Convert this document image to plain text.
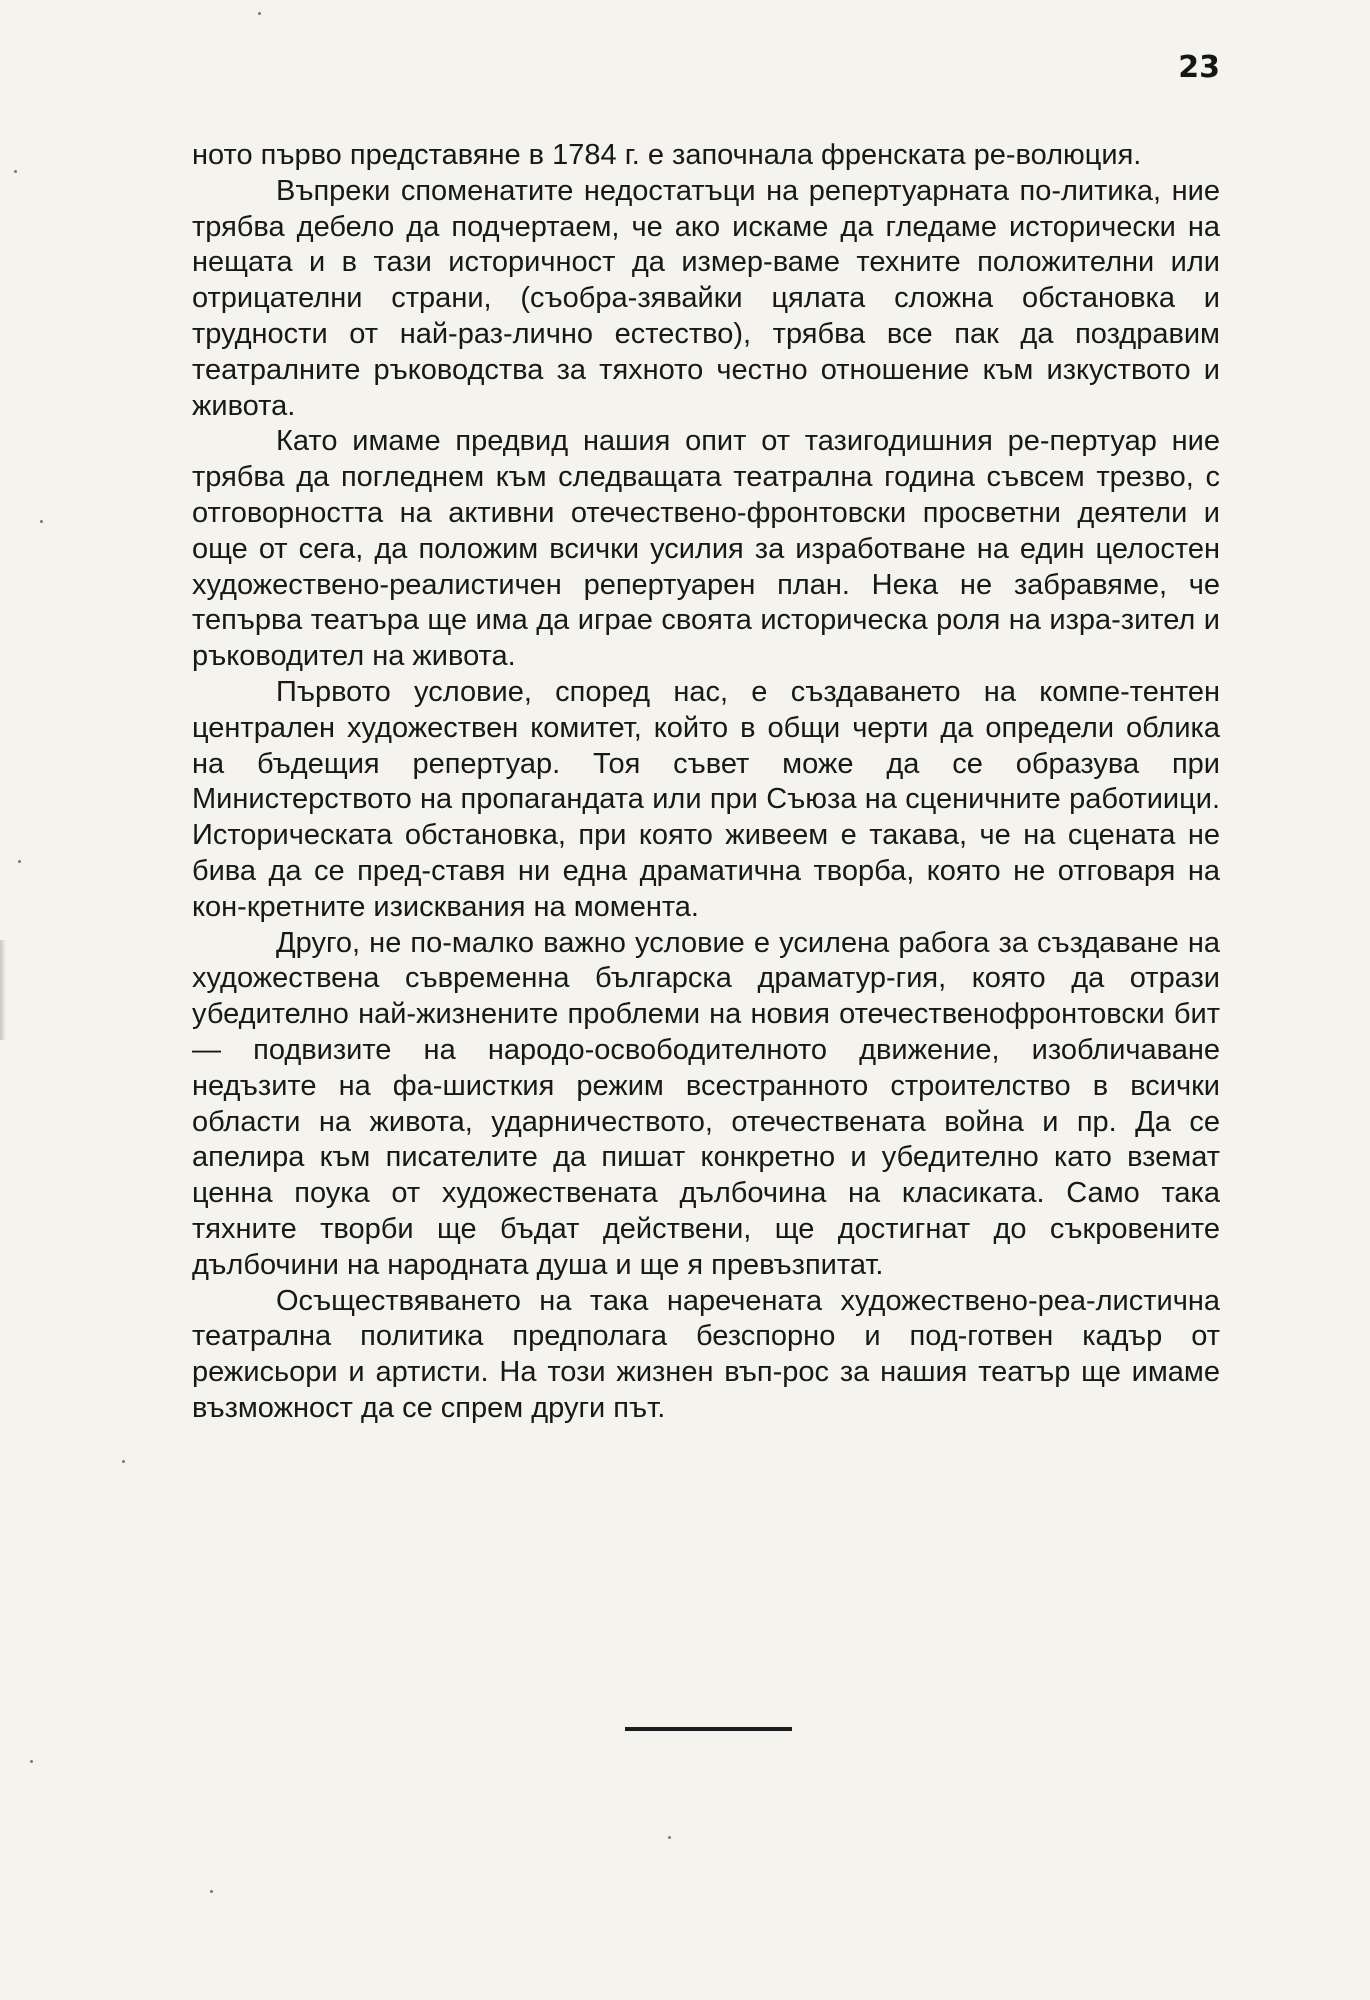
23

ното първо представяне в 1784 г. е започнала френската ре-волюция.

Въпреки споменатите недостатъци на репертуарната по-литика, ние трябва дебело да подчертаем, че ако искаме да гледаме исторически на нещата и в тази историчност да измер-ваме техните положителни или отрицателни страни, (съобра-зявайки цялата сложна обстановка и трудности от най-раз-лично естество), трябва все пак да поздравим театралните ръководства за тяхното честно отношение към изкуството и живота.

Като имаме предвид нашия опит от тазигодишния ре-пертуар ние трябва да погледнем към следващата театрална година съвсем трезво, с отговорността на активни отечествено-фронтовски просветни деятели и още от сега, да положим всички усилия за изработване на един целостен художествено-реалистичен репертуарен план. Нека не забравяме, че тепърва театъра ще има да играе своята историческа роля на изра-зител и ръководител на живота.

Първото условие, според нас, е създаването на компе-тентен централен художествен комитет, който в общи черти да определи облика на бъдещия репертуар. Тоя съвет може да се образува при Министерството на пропагандата или при Съюза на сценичните работиици. Историческата обстановка, при която живеем е такава, че на сцената не бива да се пред-ставя ни една драматична творба, която не отговаря на кон-кретните изисквания на момента.

Друго, не по-малко важно условие е усилена рабога за създаване на художествена съвременна българска драматур-гия, която да отрази убедително най-жизнените проблеми на новия отечественофронтовски бит — подвизите на народо-освободителното движение, изобличаване недъзите на фа-шисткия режим всестранното строителство в всички области на живота, ударничеството, отечествената война и пр. Да се апелира към писателите да пишат конкретно и убедително като вземат ценна поука от художествената дълбочина на класиката. Само така тяхните творби ще бъдат действени, ще достигнат до съкровените дълбочини на народната душа и ще я превъзпитат.

Осъществяването на така наречената художествено-реа-листична театрална политика предполага безспорно и под-готвен кадър от режисьори и артисти. На този жизнен въп-рос за нашия театър ще имаме възможност да се спрем други път.
